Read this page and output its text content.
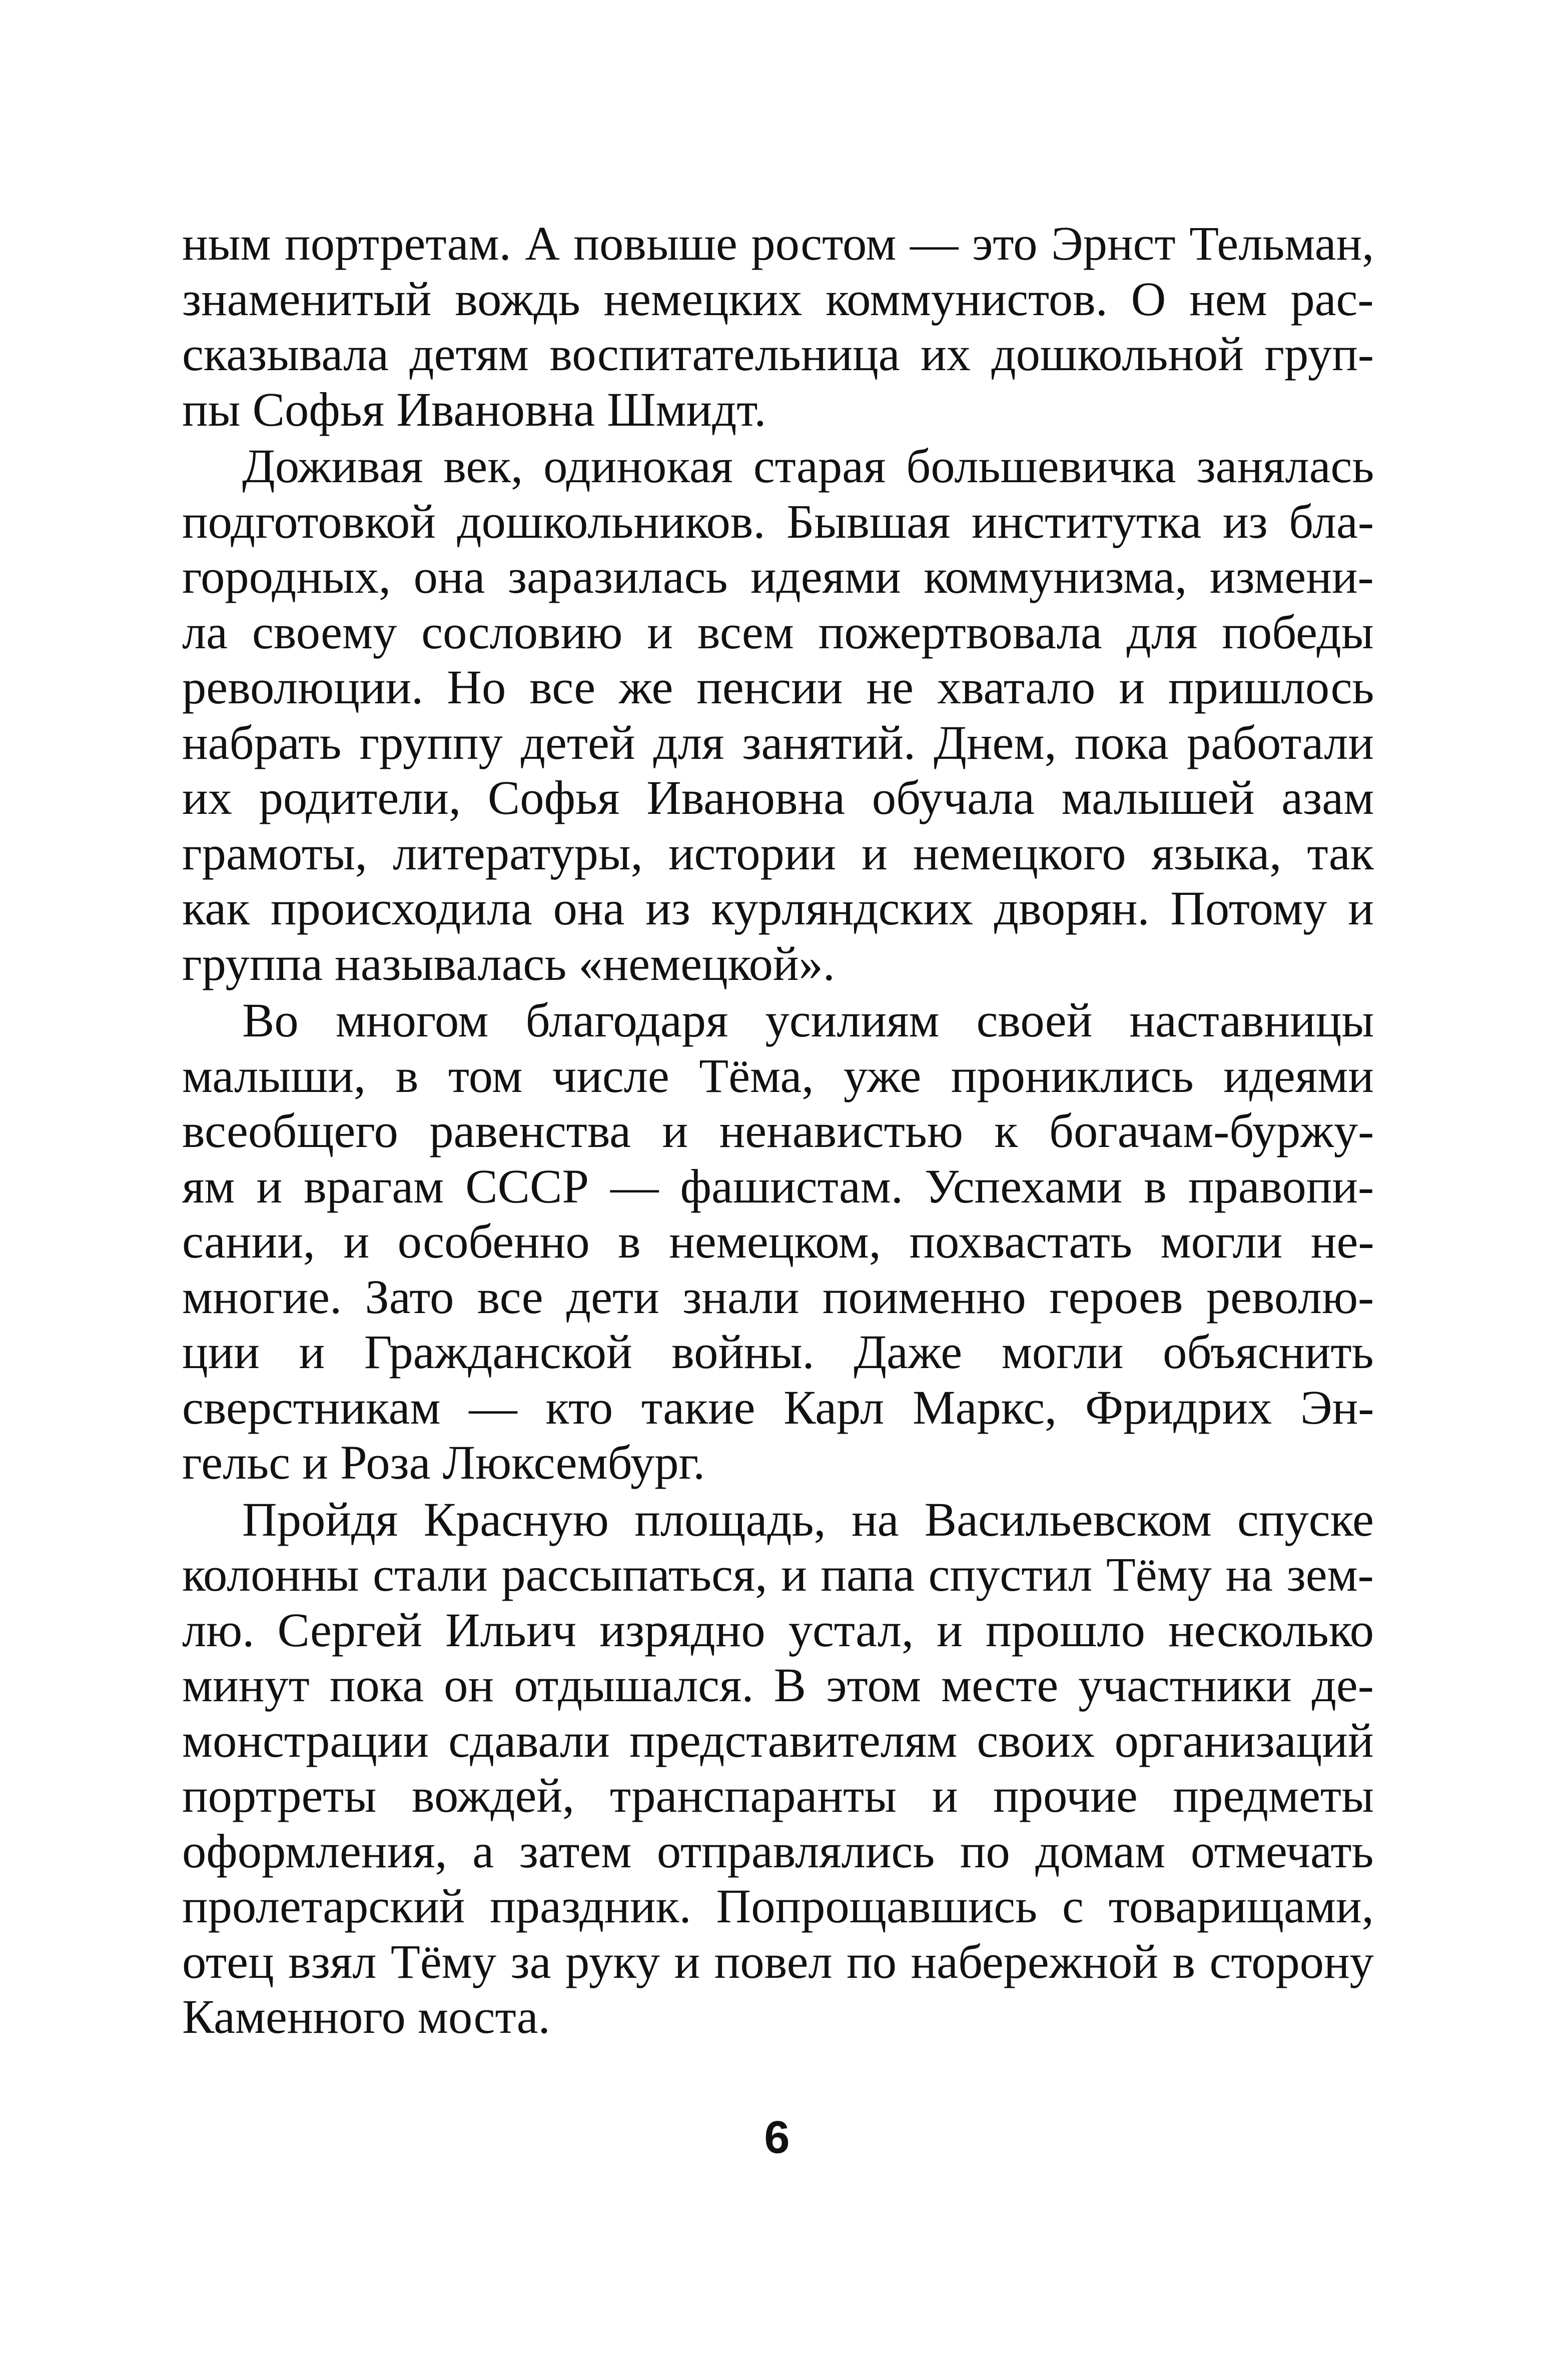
ным портретам. А повыше ростом — это Эрнст Тельман,
знаменитый вождь немецких коммунистов. О нем рас-
сказывала детям воспитательница их дошкольной груп-
пы Софья Ивановна Шмидт.
Доживая век, одинокая старая большевичка занялась
подготовкой дошкольников. Бывшая институтка из бла-
городных, она заразилась идеями коммунизма, измени-
ла своему сословию и всем пожертвовала для победы
революции. Но все же пенсии не хватало и пришлось
набрать группу детей для занятий. Днем, пока работали
их родители, Софья Ивановна обучала малышей азам
грамоты, литературы, истории и немецкого языка, так
как происходила она из курляндских дворян. Потому и
группа называлась «немецкой».
Во многом благодаря усилиям своей наставницы
малыши, в том числе Тёма, уже прониклись идеями
всеобщего равенства и ненавистью к богачам-буржу-
ям и врагам СССР — фашистам. Успехами в правопи-
сании, и особенно в немецком, похвастать могли не-
многие. Зато все дети знали поименно героев револю-
ции и Гражданской войны. Даже могли объяснить
сверстникам — кто такие Карл Маркс, Фридрих Эн-
гельс и Роза Люксембург.
Пройдя Красную площадь, на Васильевском спуске
колонны стали рассыпаться, и папа спустил Тёму на зем-
лю. Сергей Ильич изрядно устал, и прошло несколько
минут пока он отдышался. В этом месте участники де-
монстрации сдавали представителям своих организаций
портреты вождей, транспаранты и прочие предметы
оформления, а затем отправлялись по домам отмечать
пролетарский праздник. Попрощавшись с товарищами,
отец взял Тёму за руку и повел по набережной в сторону
Каменного моста.
6
